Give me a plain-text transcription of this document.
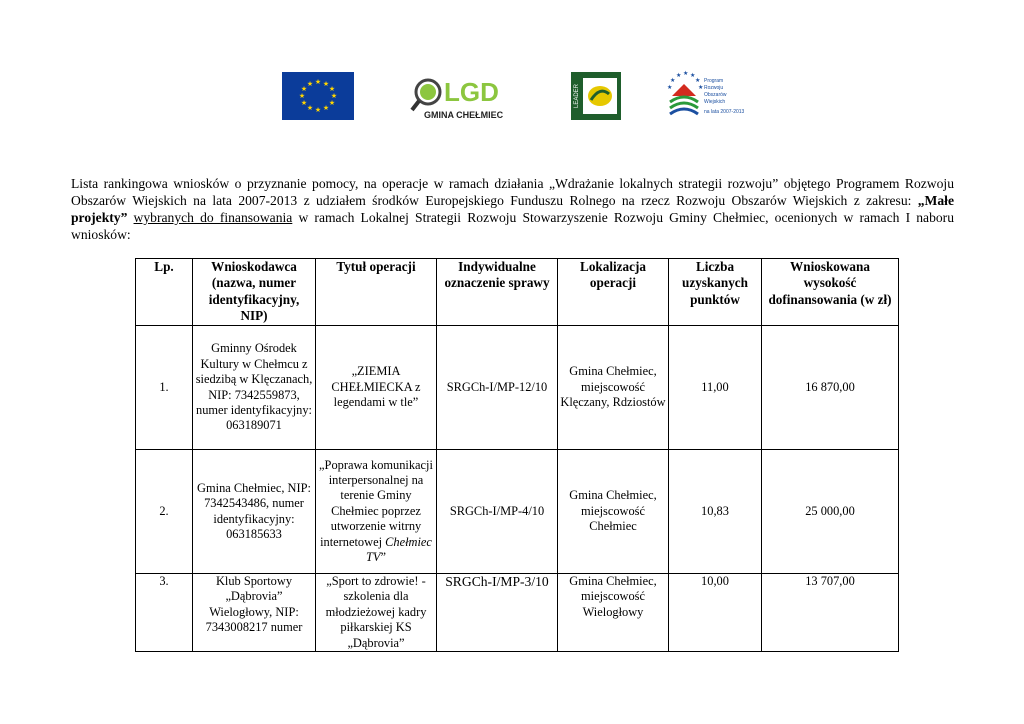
★ ★
★
★
★
★
★
★
★
★
★
★	LGD
GMINA CHEŁMIEC
LEADER
★
★ ★ ★
★
★	★
Program Rozwoju Obszarów Wiejskich na lata 2007-2013
Lista rankingowa wniosków o przyznanie pomocy, na operacje w ramach działania „Wdrażanie lokalnych strategii rozwoju” objętego Programem Rozwoju Obszarów Wiejskich na lata 2007-2013 z udziałem środków Europejskiego Funduszu Rolnego na rzecz Rozwoju Obszarów Wiejskich z zakresu: „Małe projekty” wybranych do finansowania w ramach Lokalnej Strategii Rozwoju Stowarzyszenie Rozwoju Gminy Chełmiec, ocenionych w ramach I naboru wniosków:
Lp.	Wnioskodawca (nazwa, numer identyfikacyjny, NIP)	Tytuł operacji	Indywidualne oznaczenie sprawy	Lokalizacja operacji	Liczba uzyskanych punktów	Wnioskowana wysokość dofinansowania (w zł)
1.	Gminny Ośrodek Kultury w Chełmcu z siedzibą w Klęczanach, NIP: 7342559873, numer identyfikacyjny: 063189071	„ZIEMIA CHEŁMIECKA z legendami w tle”	SRGCh-I/MP-12/10	Gmina Chełmiec, miejscowość Klęczany, Rdziostów	11,00	16 870,00
2.	Gmina Chełmiec, NIP: 7342543486, numer identyfikacyjny: 063185633	„Poprawa komunikacji interpersonalnej na terenie Gminy Chełmiec poprzez utworzenie witrny internetowej Chełmiec TV”	SRGCh-I/MP-4/10	Gmina Chełmiec, miejscowość Chełmiec	10,83	25 000,00
3.	Klub Sportowy „Dąbrovia” Wielogłowy, NIP: 7343008217 numer	„Sport to zdrowie! - szkolenia dla młodzieżowej kadry piłkarskiej KS „Dąbrovia”	SRGCh-I/MP-3/10	Gmina Chełmiec, miejscowość Wielogłowy	10,00	13 707,00
